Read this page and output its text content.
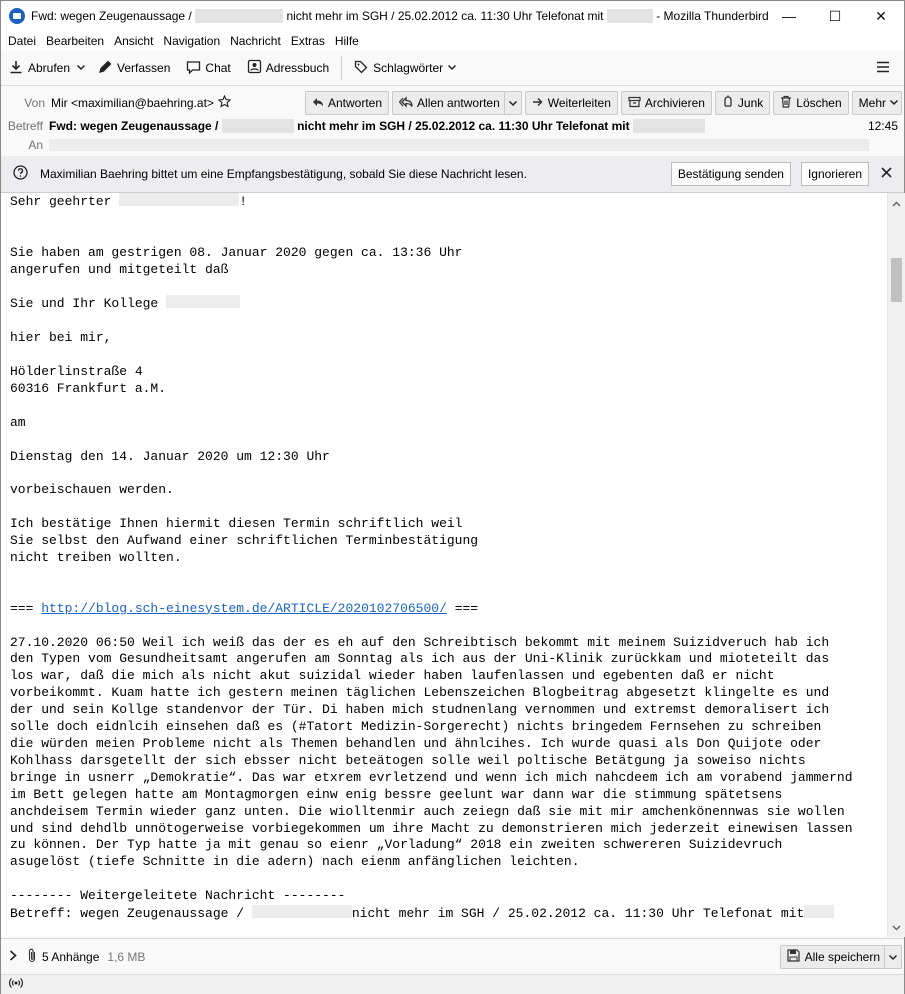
Fwd: wegen Zeugenaussage /	nicht mehr im SGH / 25.02.2012 ca. 11:30 Uhr Telefonat mit	- Mozilla Thunderbird —	☐	✕
Datei Bearbeiten Ansicht Navigation Nachricht Extras Hilfe
Abrufen	Verfassen	Chat	Adressbuch	Schlagwörter
Von Mir <maximilian@baehring.at>	Antworten	Allen antworten	Weiterleiten	Archivieren	Junk	Löschen Mehr
Betreff Fwd: wegen Zeugenaussage /	nicht mehr im SGH / 25.02.2012 ca. 11:30 Uhr Telefonat mit	12:45
An
Maximilian Baehring bittet um eine Empfangsbestätigung, sobald Sie diese Nachricht lesen.	Bestätigung senden	Ignorieren
Sehr geehrter	!

Sie haben am gestrigen 08. Januar 2020 gegen ca. 13:36 Uhr
angerufen und mitgeteilt daß

Sie und Ihr Kollege

hier bei mir,

Hölderlinstraße 4
60316 Frankfurt a.M.

am

Dienstag den 14. Januar 2020 um 12:30 Uhr

vorbeischauen werden.

Ich bestätige Ihnen hiermit diesen Termin schriftlich weil
Sie selbst den Aufwand einer schriftlichen Terminbestätigung
nicht treiben wollten.

=== http://blog.sch-einesystem.de/ARTICLE/2020102706500/ ===

27.10.2020 06:50 Weil ich weiß das der es eh auf den Schreibtisch bekommt mit meinem Suizidveruch hab ich
den Typen vom Gesundheitsamt angerufen am Sonntag als ich aus der Uni-Klinik zurückkam und mioteteilt das
los war, daß die mich als nicht akut suizidal wieder haben laufenlassen und egebenten daß er nicht
vorbeikommt. Kuam hatte ich gestern meinen täglichen Lebenszeichen Blogbeitrag abgesetzt klingelte es und
der und sein Kollge standenvor der Tür. Di haben mich studnenlang vernommen und extremst demoralisert ich
solle doch eidnlcih einsehen daß es (#Tatort Medizin-Sorgerecht) nichts bringedem Fernsehen zu schreiben
die würden meien Probleme nicht als Themen behandlen und ähnlcihes. Ich wurde quasi als Don Quijote oder
Kohlhass darsgetellt der sich ebsser nicht beteätogen solle weil poltische Betätgung ja soweiso nichts
bringe in usnerr „Demokratie“. Das war etxrem evrletzend und wenn ich mich nahcdeem ich am vorabend jammernd
im Bett gelegen hatte am Montagmorgen einw enig bessre geelunt war dann war die stimmung spätetsens
anchdeisem Termin wieder ganz unten. Die wiolltenmir auch zeiegn daß sie mit mir amchenkönennwas sie wollen
und sind dehdlb unnötogerweise vorbiegekommen um ihre Macht zu demonstrieren mich jederzeit einewisen lassen
zu können. Der Typ hatte ja mit genau so eienr „Vorladung“ 2018 ein zweiten schwereren Suizidevruch
asugelöst (tiefe Schnitte in die adern) nach eienm anfänglichen leichten.

-------- Weitergeleitete Nachricht --------
Betreff: wegen Zeugenaussage /	nicht mehr im SGH / 25.02.2012 ca. 11:30 Uhr Telefonat mit
5 Anhänge 1,6 MB	Alle speichern
